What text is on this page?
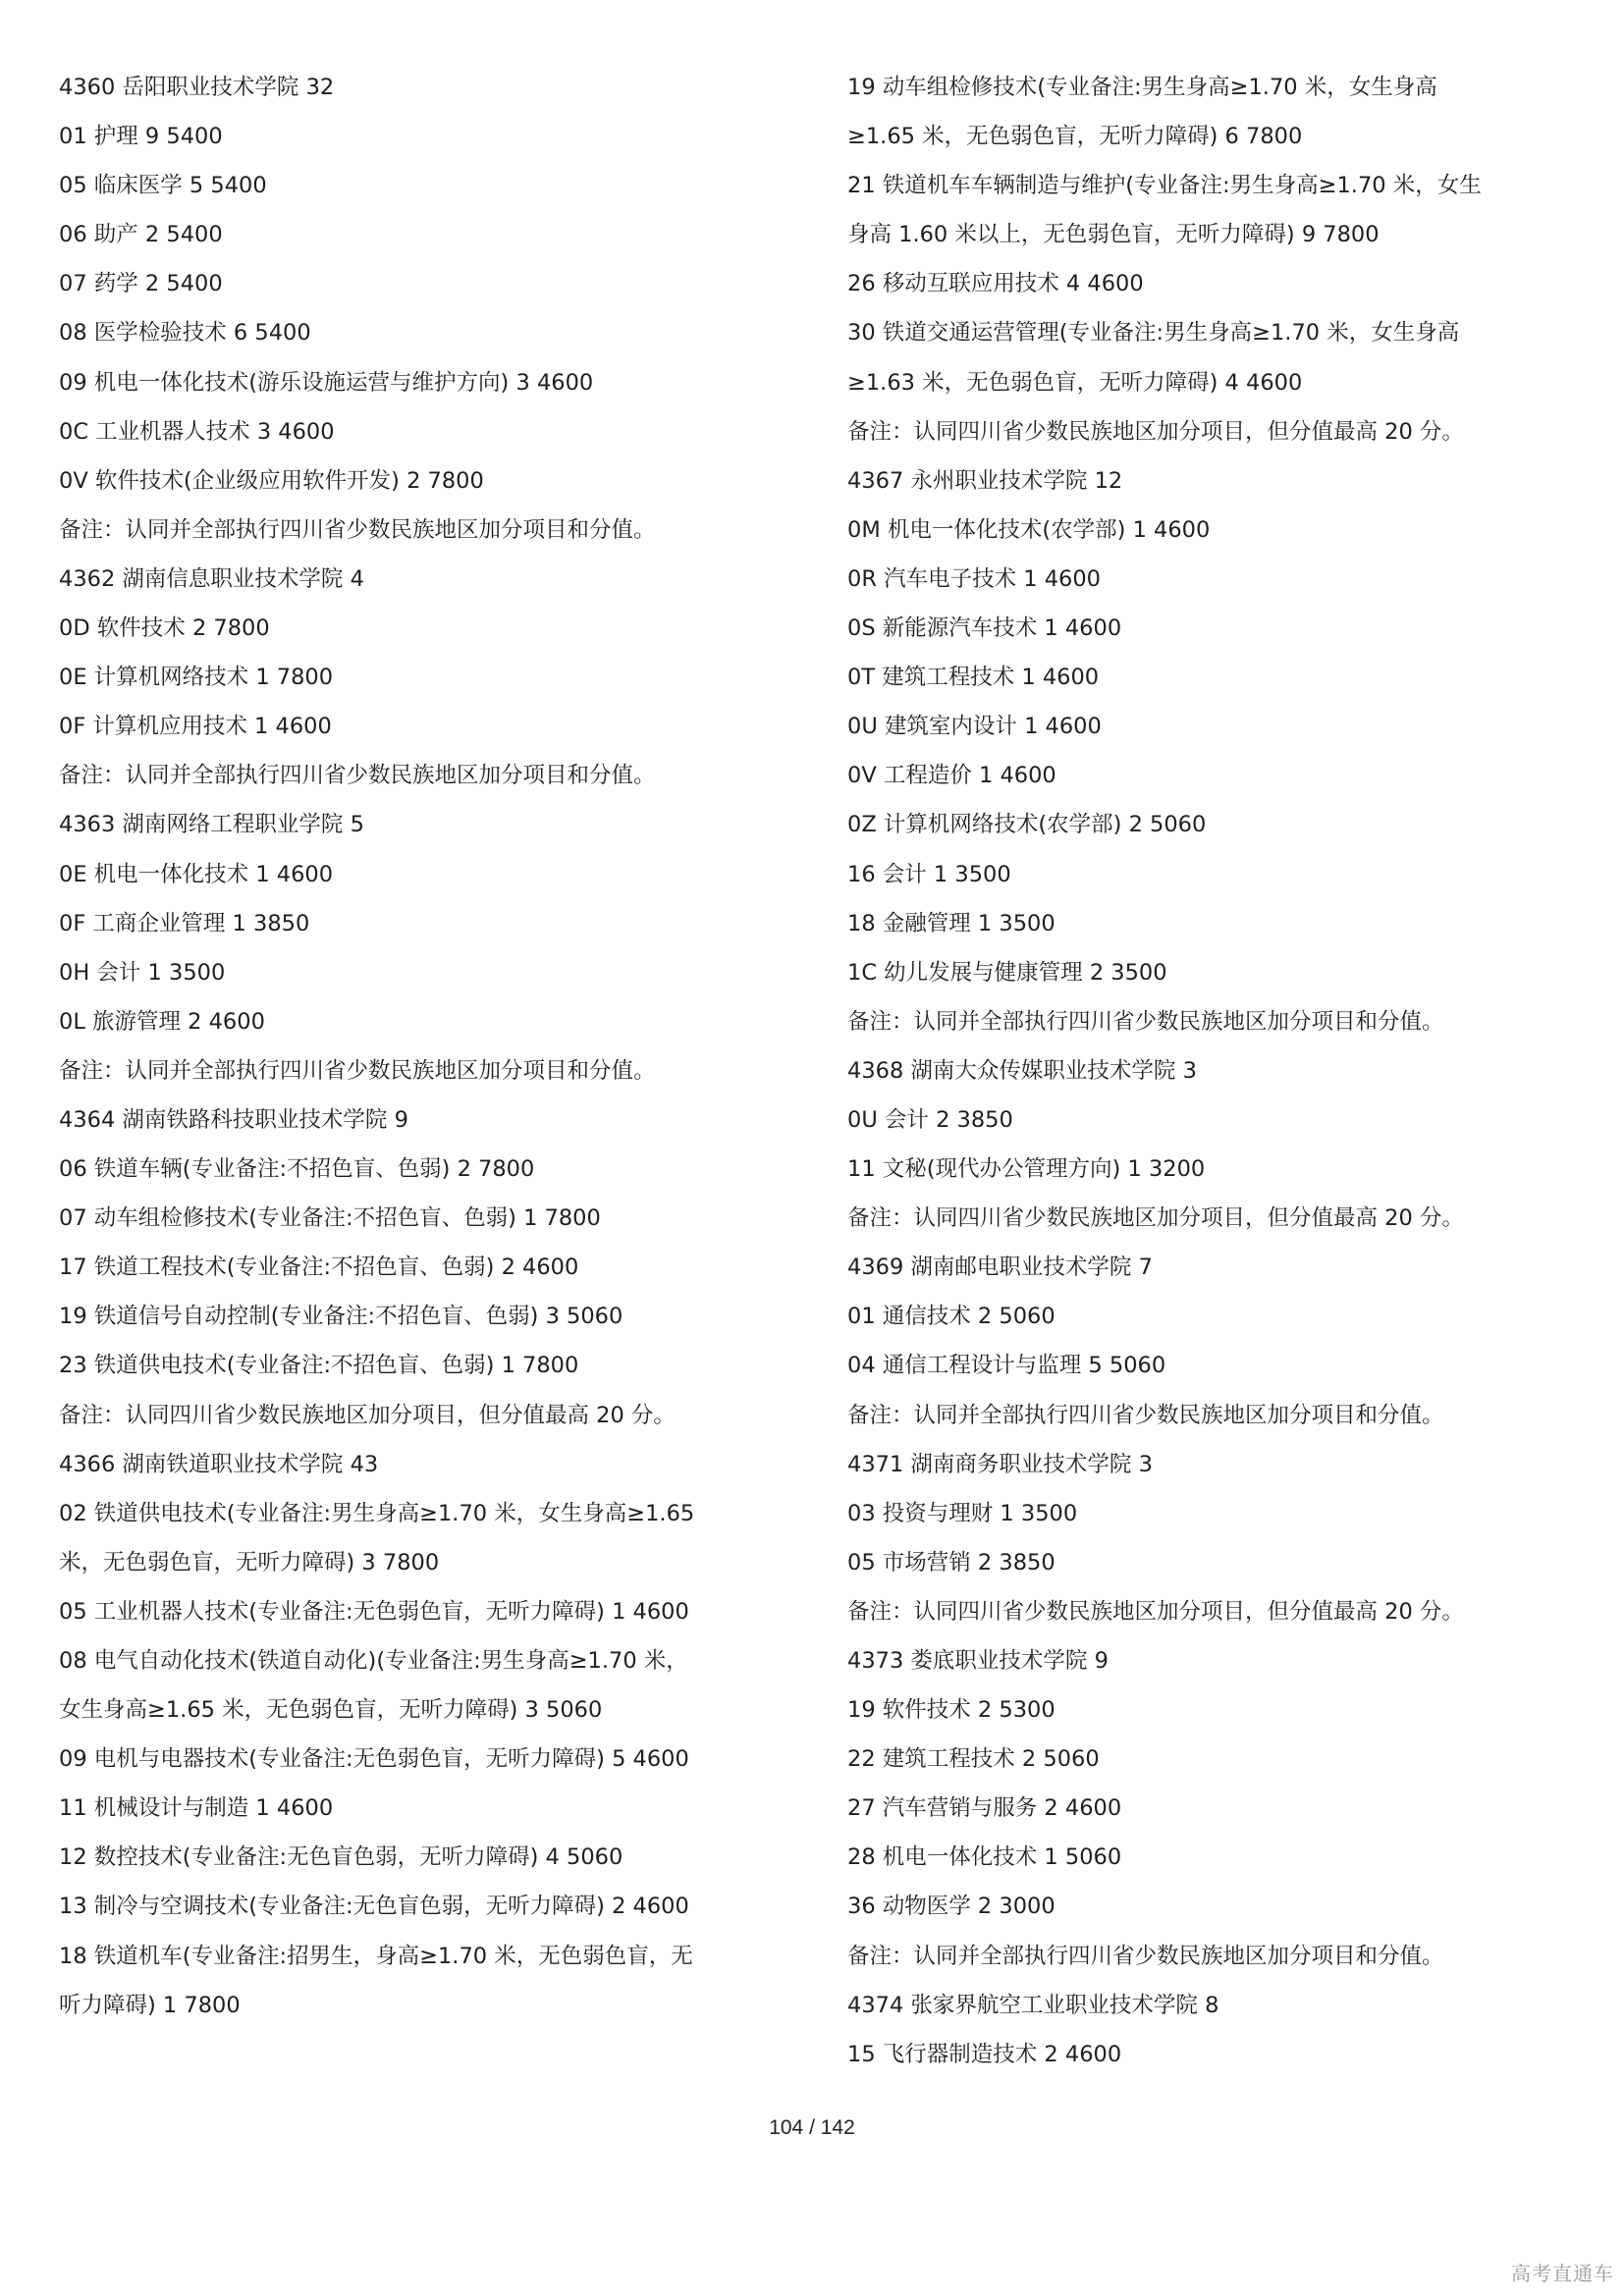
4360 岳阳职业技术学院 32
01 护理 9 5400
05 临床医学 5 5400
06 助产 2 5400
07 药学 2 5400
08 医学检验技术 6 5400
09 机电一体化技术(游乐设施运营与维护方向) 3 4600
0C 工业机器人技术 3 4600
0V 软件技术(企业级应用软件开发) 2 7800
备注：认同并全部执行四川省少数民族地区加分项目和分值。
4362 湖南信息职业技术学院 4
0D 软件技术 2 7800
0E 计算机网络技术 1 7800
0F 计算机应用技术 1 4600
备注：认同并全部执行四川省少数民族地区加分项目和分值。
4363 湖南网络工程职业学院 5
0E 机电一体化技术 1 4600
0F 工商企业管理 1 3850
0H 会计 1 3500
0L 旅游管理 2 4600
备注：认同并全部执行四川省少数民族地区加分项目和分值。
4364 湖南铁路科技职业技术学院 9
06 铁道车辆(专业备注:不招色盲、色弱) 2 7800
07 动车组检修技术(专业备注:不招色盲、色弱) 1 7800
17 铁道工程技术(专业备注:不招色盲、色弱) 2 4600
19 铁道信号自动控制(专业备注:不招色盲、色弱) 3 5060
23 铁道供电技术(专业备注:不招色盲、色弱) 1 7800
备注：认同四川省少数民族地区加分项目，但分值最高 20 分。
4366 湖南铁道职业技术学院 43
02 铁道供电技术(专业备注:男生身高≥1.70 米，女生身高≥1.65
米，无色弱色盲，无听力障碍) 3 7800
05 工业机器人技术(专业备注:无色弱色盲，无听力障碍) 1 4600
08 电气自动化技术(铁道自动化)(专业备注:男生身高≥1.70 米，
女生身高≥1.65 米，无色弱色盲，无听力障碍) 3 5060
09 电机与电器技术(专业备注:无色弱色盲，无听力障碍) 5 4600
11 机械设计与制造 1 4600
12 数控技术(专业备注:无色盲色弱，无听力障碍) 4 5060
13 制冷与空调技术(专业备注:无色盲色弱，无听力障碍) 2 4600
18 铁道机车(专业备注:招男生，身高≥1.70 米，无色弱色盲，无
听力障碍) 1 7800
19 动车组检修技术(专业备注:男生身高≥1.70 米，女生身高
≥1.65 米，无色弱色盲，无听力障碍) 6 7800
21 铁道机车车辆制造与维护(专业备注:男生身高≥1.70 米，女生
身高 1.60 米以上，无色弱色盲，无听力障碍) 9 7800
26 移动互联应用技术 4 4600
30 铁道交通运营管理(专业备注:男生身高≥1.70 米，女生身高
≥1.63 米，无色弱色盲，无听力障碍) 4 4600
备注：认同四川省少数民族地区加分项目，但分值最高 20 分。
4367 永州职业技术学院 12
0M 机电一体化技术(农学部) 1 4600
0R 汽车电子技术 1 4600
0S 新能源汽车技术 1 4600
0T 建筑工程技术 1 4600
0U 建筑室内设计 1 4600
0V 工程造价 1 4600
0Z 计算机网络技术(农学部) 2 5060
16 会计 1 3500
18 金融管理 1 3500
1C 幼儿发展与健康管理 2 3500
备注：认同并全部执行四川省少数民族地区加分项目和分值。
4368 湖南大众传媒职业技术学院 3
0U 会计 2 3850
11 文秘(现代办公管理方向) 1 3200
备注：认同四川省少数民族地区加分项目，但分值最高 20 分。
4369 湖南邮电职业技术学院 7
01 通信技术 2 5060
04 通信工程设计与监理 5 5060
备注：认同并全部执行四川省少数民族地区加分项目和分值。
4371 湖南商务职业技术学院 3
03 投资与理财 1 3500
05 市场营销 2 3850
备注：认同四川省少数民族地区加分项目，但分值最高 20 分。
4373 娄底职业技术学院 9
19 软件技术 2 5300
22 建筑工程技术 2 5060
27 汽车营销与服务 2 4600
28 机电一体化技术 1 5060
36 动物医学 2 3000
备注：认同并全部执行四川省少数民族地区加分项目和分值。
4374 张家界航空工业职业技术学院 8
15 飞行器制造技术 2 4600
104 / 142
高考直通车
